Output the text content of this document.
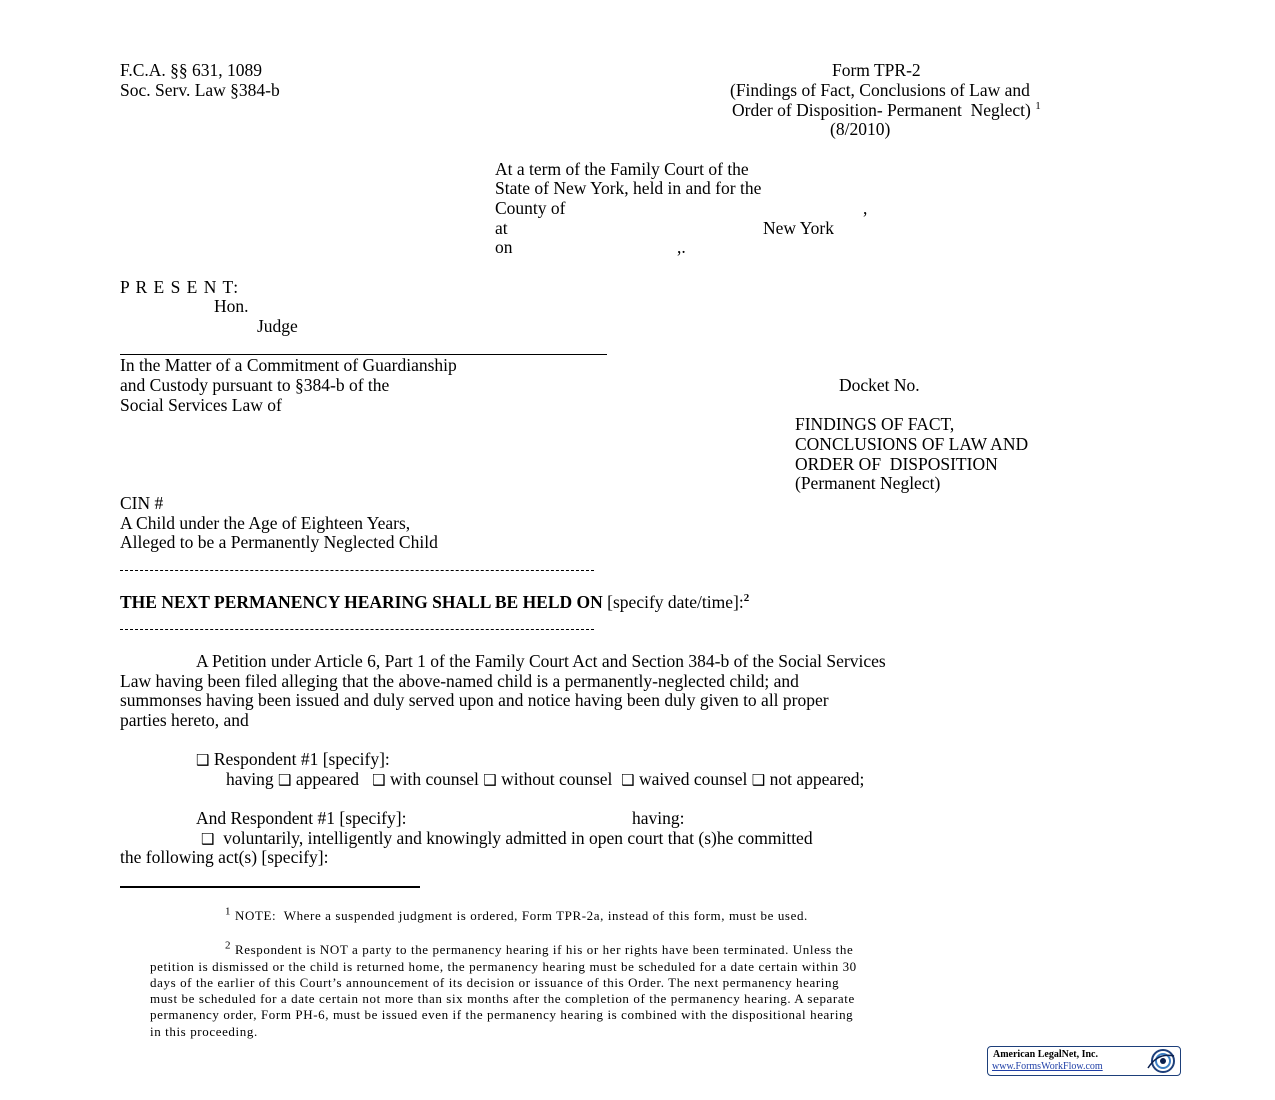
F.C.A. §§ 631, 1089
Soc. Serv. Law §384-b
Form TPR-2
(Findings of Fact, Conclusions of Law and
Order of Disposition- Permanent  Neglect) $^1$
(8/2010)
At a term of the Family Court of the
State of New York, held in and for the
County of	,
at	New York
on	,.
P R E S E N T:
Hon.
Judge
In the Matter of a Commitment of Guardianship
and Custody pursuant to §384-b of the
Social Services Law of
Docket No.
FINDINGS OF FACT,
CONCLUSIONS OF LAW AND
ORDER OF  DISPOSITION
(Permanent Neglect)
CIN #
A Child under the Age of Eighteen Years,
Alleged to be a Permanently Neglected Child
THE NEXT PERMANENCY HEARING SHALL BE HELD ON [specify date/time]:$^2$
A Petition under Article 6, Part 1 of the Family Court Act and Section 384-b of the Social Services
Law having been filed alleging that the above-named child is a permanently-neglected child; and
summonses having been issued and duly served upon and notice having been duly given to all proper
parties hereto, and
❑ Respondent #1 [specify]:
having ❑ appeared ❑ with counsel ❑ without counsel ❑ waived counsel ❑ not appeared;
And Respondent #1 [specify]:	having:
❑  voluntarily, intelligently and knowingly admitted in open court that (s)he committed
the following act(s) [specify]:
$^1$ NOTE:  Where a suspended judgment is ordered, Form TPR-2a, instead of this form, must be used.
$^2$ Respondent is NOT a party to the permanency hearing if his or her rights have been terminated. Unless the
petition is dismissed or the child is returned home, the permanency hearing must be scheduled for a date certain within 30
days of the earlier of this Court’s announcement of its decision or issuance of this Order. The next permanency hearing
must be scheduled for a date certain not more than six months after the completion of the permanency hearing. A separate
permanency order, Form PH-6, must be issued even if the permanency hearing is combined with the dispositional hearing
in this proceeding.
American LegalNet, Inc.
www.FormsWorkFlow.com
